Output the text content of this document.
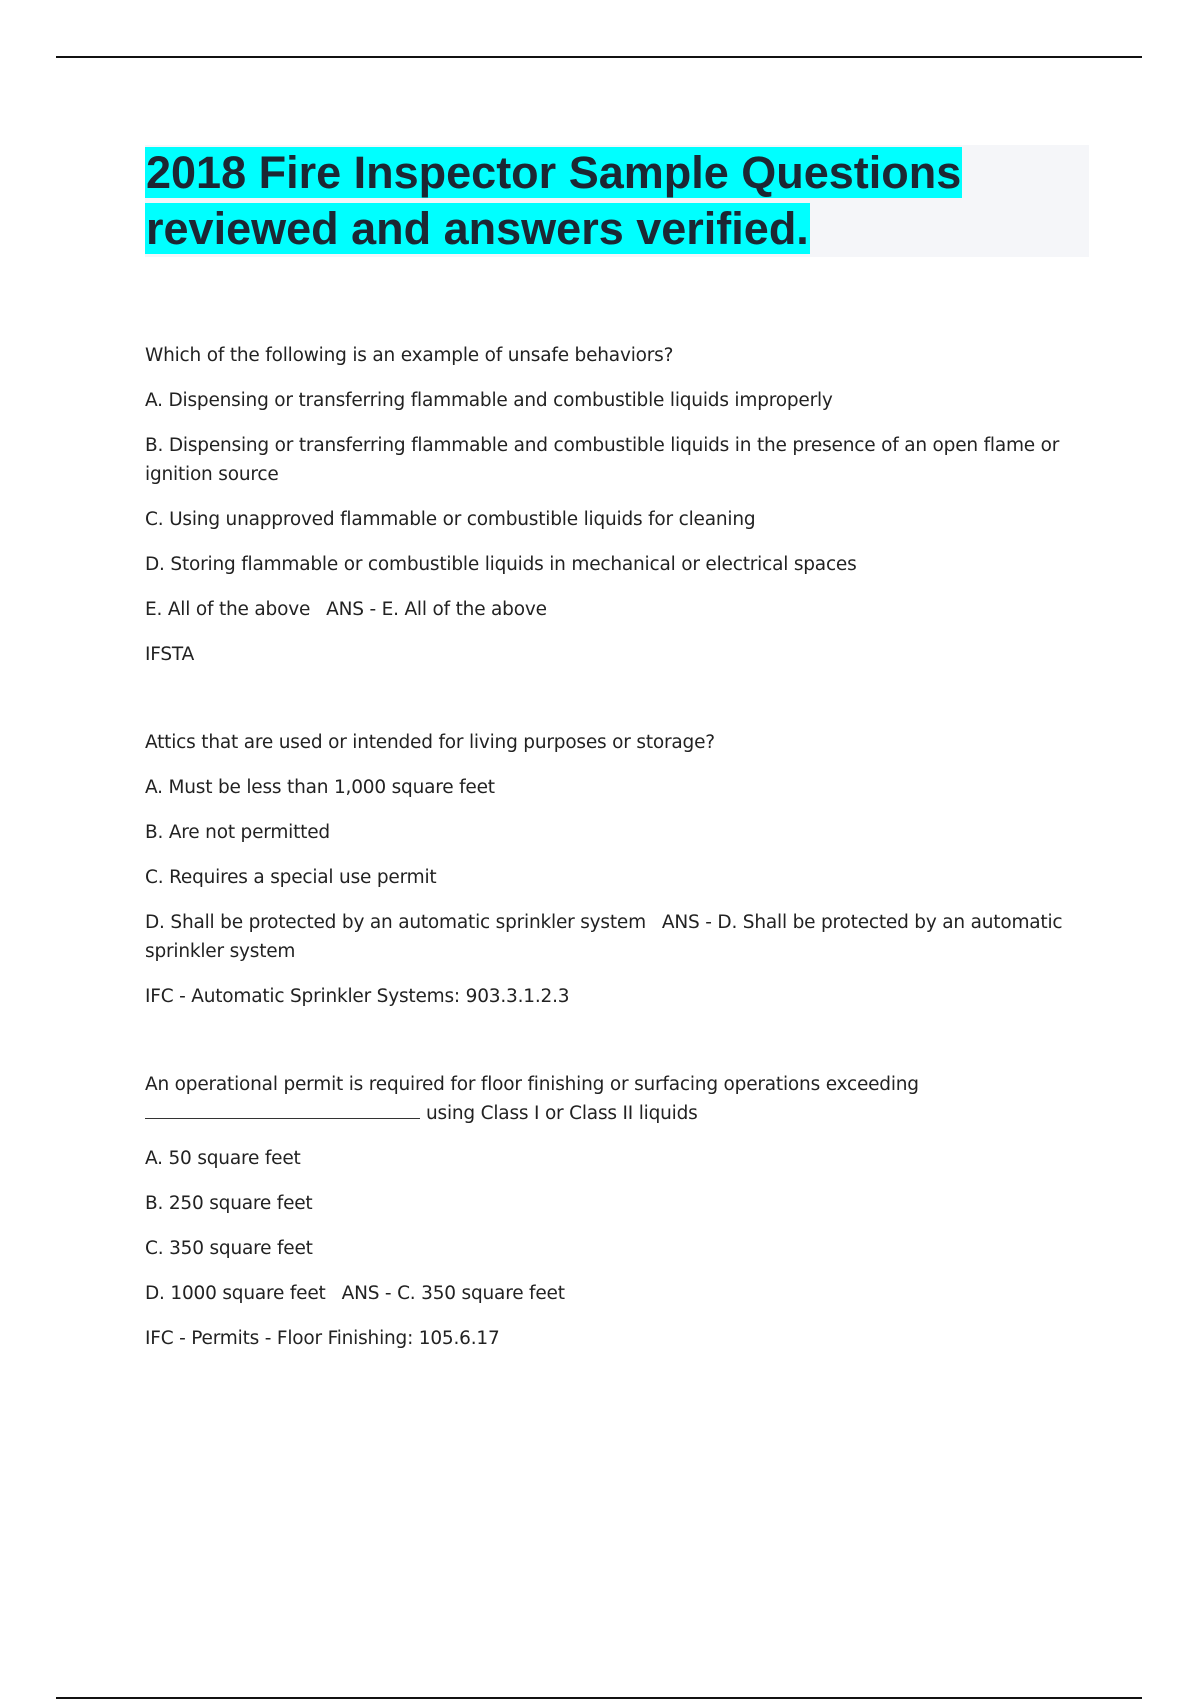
2018 Fire Inspector Sample Questions
reviewed and answers verified.

Which of the following is an example of unsafe behaviors?

A. Dispensing or transferring flammable and combustible liquids improperly

B. Dispensing or transferring flammable and combustible liquids in the presence of an open flame or ignition source

C. Using unapproved flammable or combustible liquids for cleaning

D. Storing flammable or combustible liquids in mechanical or electrical spaces

E. All of the above ANS - E. All of the above

IFSTA

Attics that are used or intended for living purposes or storage?

A. Must be less than 1,000 square feet

B. Are not permitted

C. Requires a special use permit

D. Shall be protected by an automatic sprinkler system ANS - D. Shall be protected by an automatic sprinkler system

IFC - Automatic Sprinkler Systems: 903.3.1.2.3

An operational permit is required for floor finishing or surfacing operations exceeding
using Class I or Class II liquids

A. 50 square feet

B. 250 square feet

C. 350 square feet

D. 1000 square feet ANS - C. 350 square feet

IFC - Permits - Floor Finishing: 105.6.17
